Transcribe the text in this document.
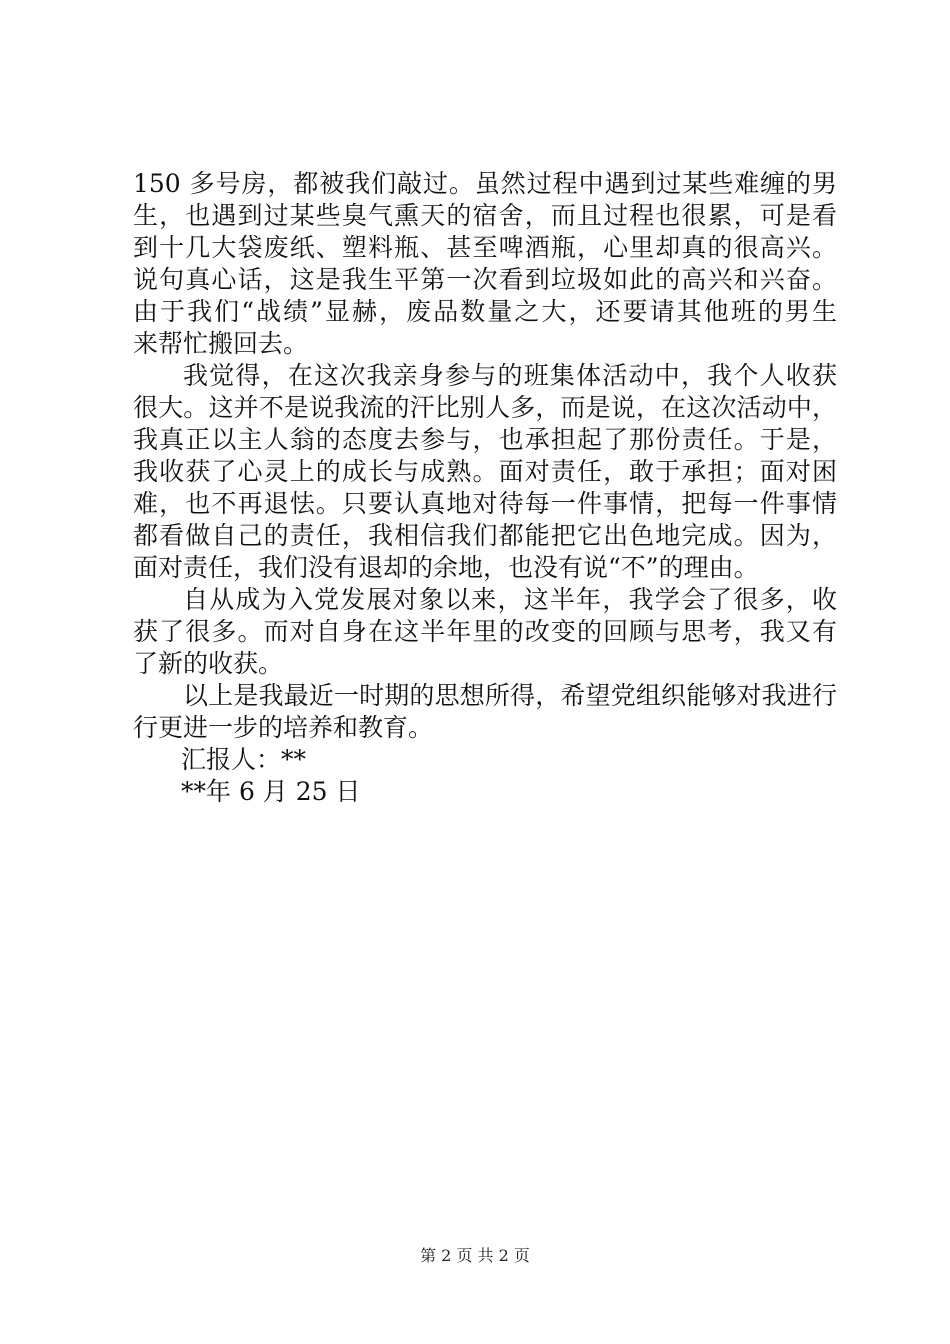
150 多号房，都被我们敲过。虽然过程中遇到过某些难缠的男
生，也遇到过某些臭气熏天的宿舍，而且过程也很累，可是看
到十几大袋废纸、塑料瓶、甚至啤酒瓶，心里却真的很高兴。
说句真心话，这是我生平第一次看到垃圾如此的高兴和兴奋。
由于我们“战绩”显赫，废品数量之大，还要请其他班的男生
来帮忙搬回去。
我觉得，在这次我亲身参与的班集体活动中，我个人收获
很大。这并不是说我流的汗比别人多，而是说，在这次活动中，
我真正以主人翁的态度去参与，也承担起了那份责任。于是，
我收获了心灵上的成长与成熟。面对责任，敢于承担；面对困
难，也不再退怯。只要认真地对待每一件事情，把每一件事情
都看做自己的责任，我相信我们都能把它出色地完成。因为，
面对责任，我们没有退却的余地，也没有说“不”的理由。
自从成为入党发展对象以来，这半年，我学会了很多，收
获了很多。而对自身在这半年里的改变的回顾与思考，我又有
了新的收获。
以上是我最近一时期的思想所得，希望党组织能够对我进行
行更进一步的培养和教育。
汇报人：**
**年 6 月 25 日
第 2 页 共 2 页
